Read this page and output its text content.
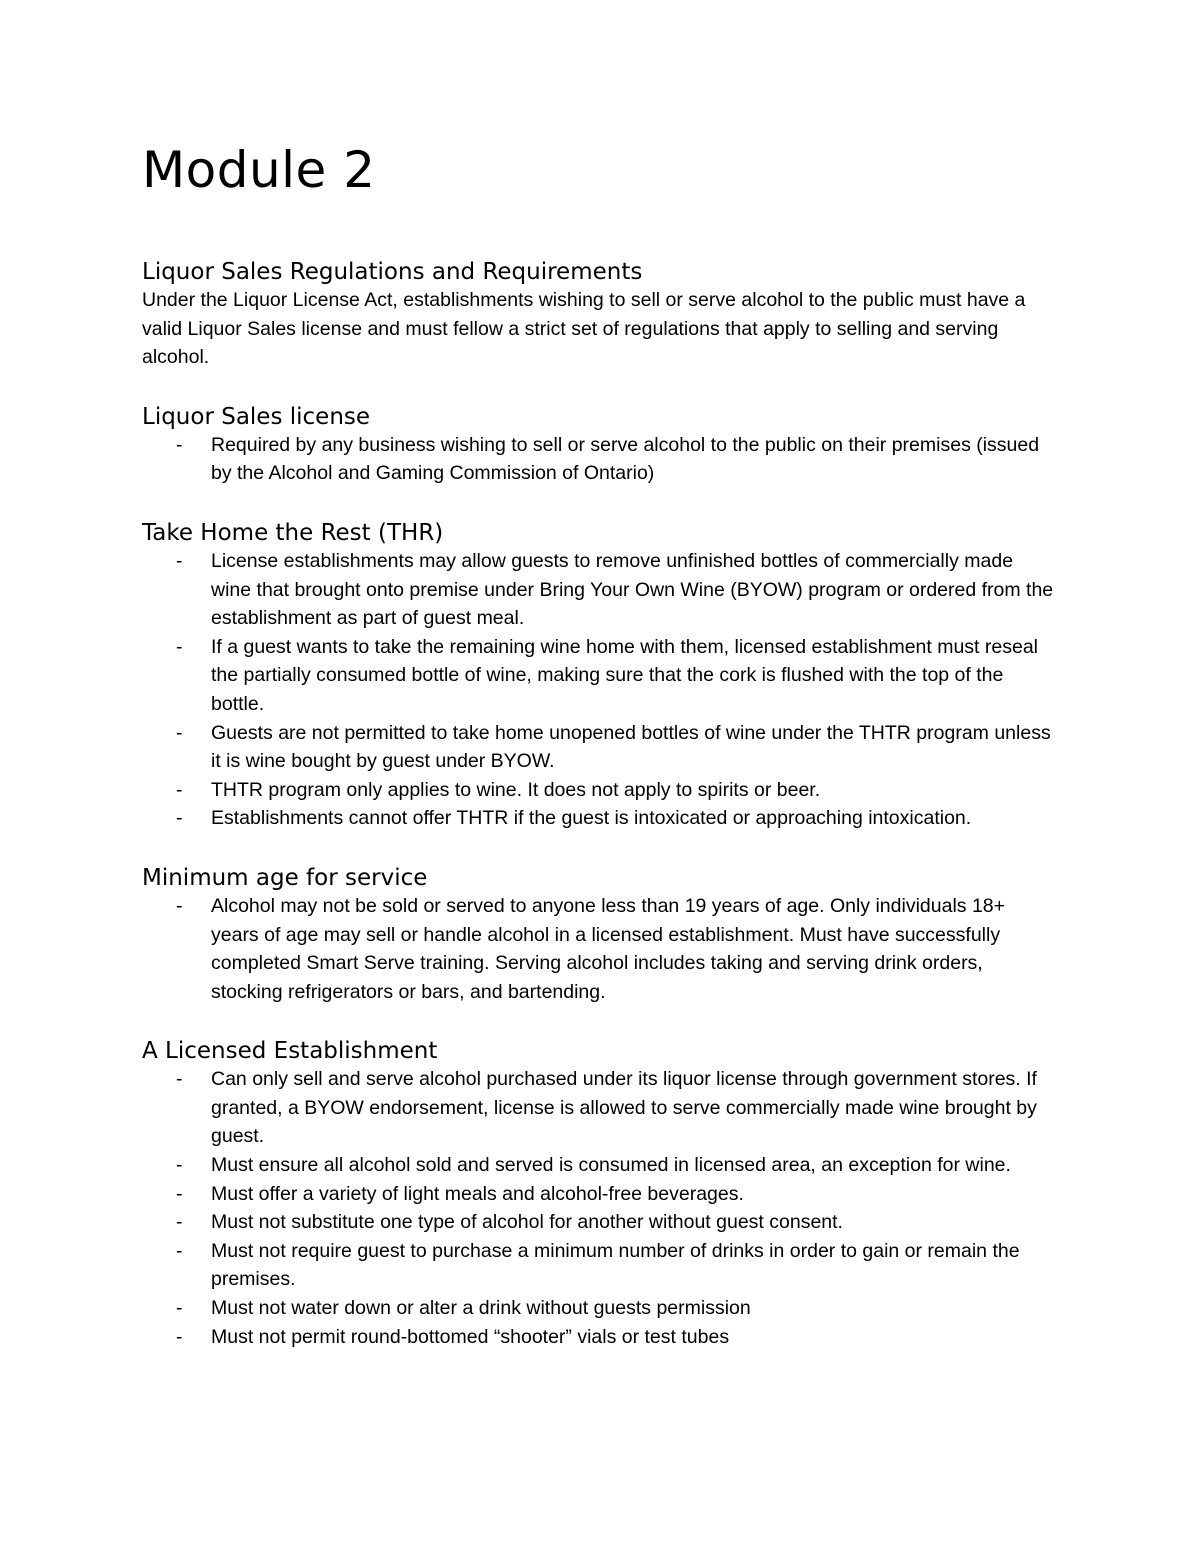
Module 2
Liquor Sales Regulations and Requirements

Under the Liquor License Act, establishments wishing to sell or serve alcohol to the public must have a valid Liquor Sales license and must fellow a strict set of regulations that apply to selling and serving alcohol.

Liquor Sales license
- Required by any business wishing to sell or serve alcohol to the public on their premises (issued by the Alcohol and Gaming Commission of Ontario)
Take Home the Rest (THR)
- License establishments may allow guests to remove unfinished bottles of commercially made wine that brought onto premise under Bring Your Own Wine (BYOW) program or ordered from the establishment as part of guest meal.
- If a guest wants to take the remaining wine home with them, licensed establishment must reseal the partially consumed bottle of wine, making sure that the cork is flushed with the top of the bottle.
- Guests are not permitted to take home unopened bottles of wine under the THTR program unless it is wine bought by guest under BYOW.
- THTR program only applies to wine. It does not apply to spirits or beer.
- Establishments cannot offer THTR if the guest is intoxicated or approaching intoxication.
Minimum age for service
- Alcohol may not be sold or served to anyone less than 19 years of age. Only individuals 18+ years of age may sell or handle alcohol in a licensed establishment. Must have successfully completed Smart Serve training. Serving alcohol includes taking and serving drink orders, stocking refrigerators or bars, and bartending.
A Licensed Establishment
- Can only sell and serve alcohol purchased under its liquor license through government stores. If granted, a BYOW endorsement, license is allowed to serve commercially made wine brought by guest.
- Must ensure all alcohol sold and served is consumed in licensed area, an exception for wine.
- Must offer a variety of light meals and alcohol-free beverages.
- Must not substitute one type of alcohol for another without guest consent.
- Must not require guest to purchase a minimum number of drinks in order to gain or remain the premises.
- Must not water down or alter a drink without guests permission
- Must not permit round-bottomed “shooter” vials or test tubes
